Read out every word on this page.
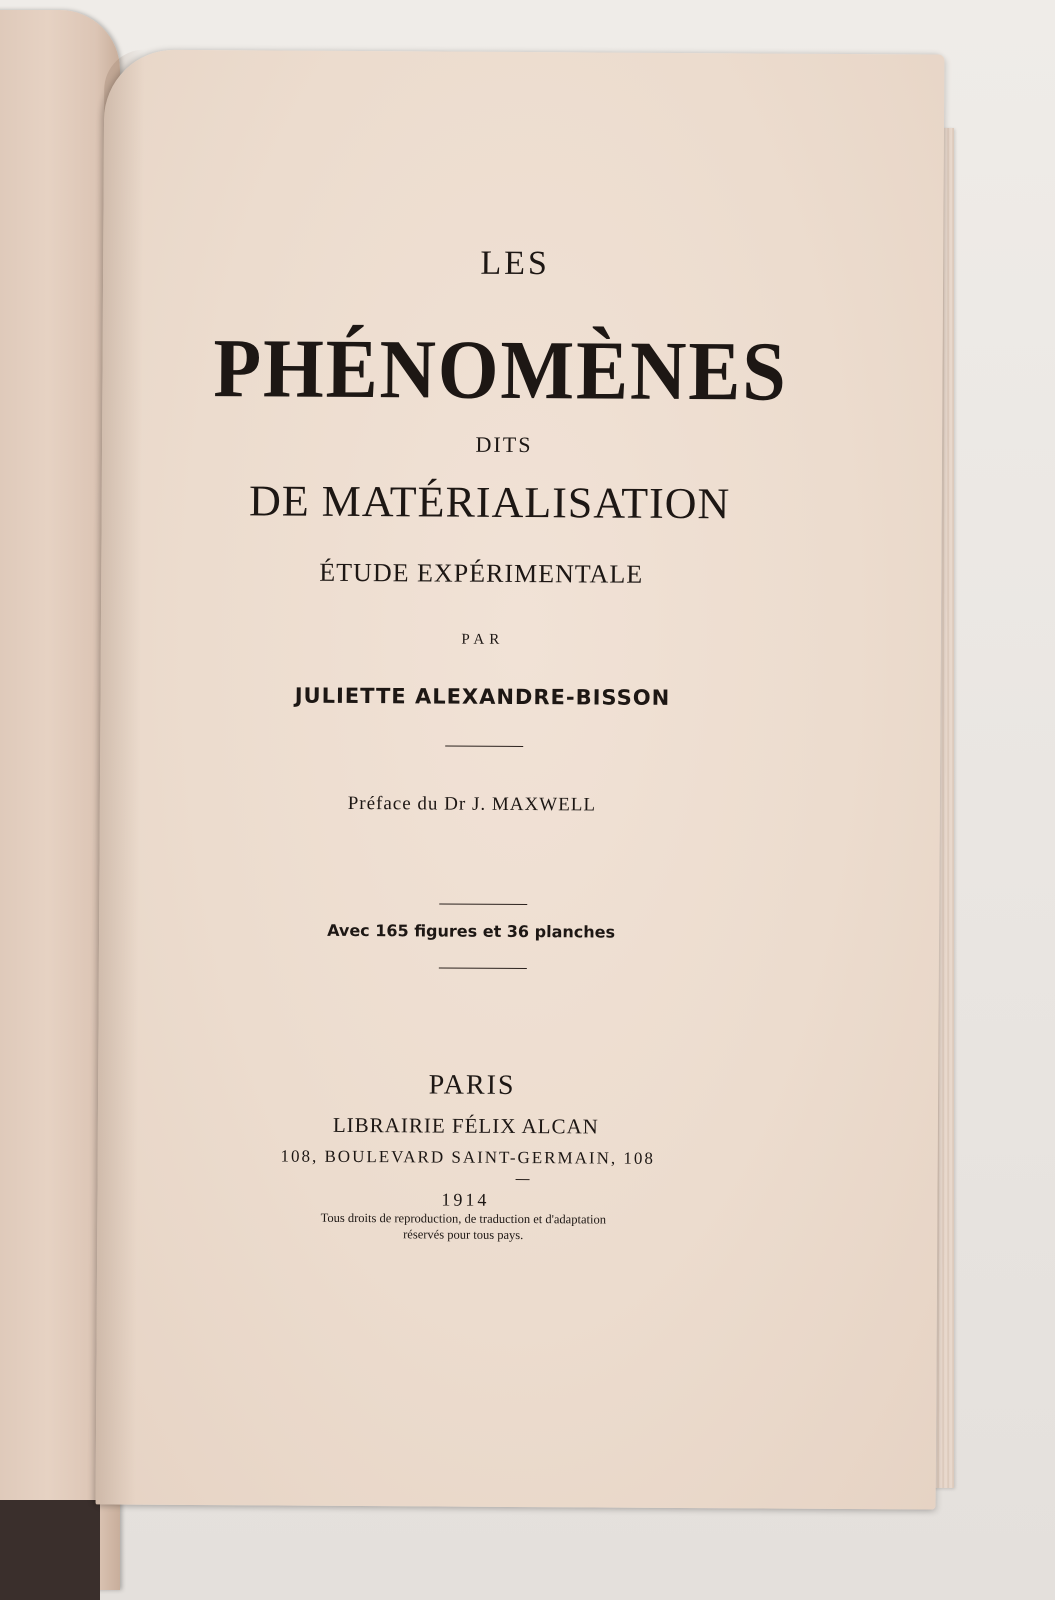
LES
PHÉNOMÈNES
DITS
DE MATÉRIALISATION
ÉTUDE EXPÉRIMENTALE
PAR
JULIETTE ALEXANDRE-BISSON
Préface du Dr J. MAXWELL
Avec 165 figures et 36 planches
PARIS
LIBRAIRIE FÉLIX ALCAN
108, BOULEVARD SAINT-GERMAIN, 108
1914
Tous droits de reproduction, de traduction et d'adaptation
réservés pour tous pays.
